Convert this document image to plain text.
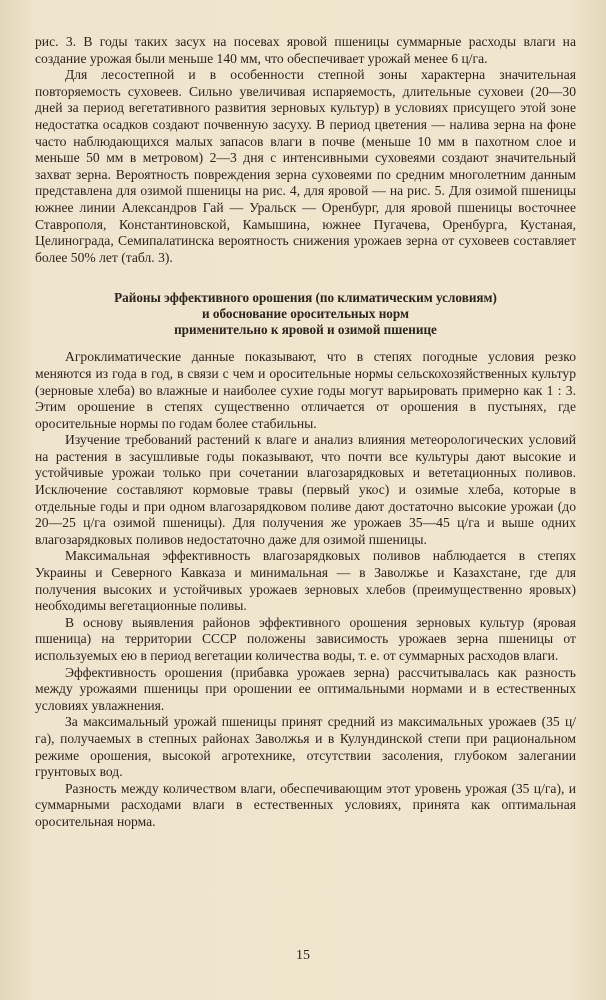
рис. 3. В годы таких засух на посевах яровой пшеницы суммарные расходы влаги на создание урожая были меньше 140 мм, что обеспечивает урожай менее 6 ц/га.

Для лесостепной и в особенности степной зоны характерна значительная повторяемость суховеев. Сильно увеличивая испаряемость, длительные суховеи (20—30 дней за период вегетативного развития зерновых культур) в условиях присущего этой зоне недостатка осадков создают почвенную засуху. В период цветения — налива зерна на фоне часто наблюдающихся малых запасов влаги в почве (меньше 10 мм в пахотном слое и меньше 50 мм в метровом) 2—3 дня с интенсивными суховеями создают значительный захват зерна. Вероятность повреждения зерна суховеями по средним многолетним данным представлена для озимой пшеницы на рис. 4, для яровой — на рис. 5. Для озимой пшеницы южнее линии Александров Гай — Уральск — Оренбург, для яровой пшеницы восточнее Ставрополя, Константиновской, Камышина, южнее Пугачева, Оренбурга, Кустаная, Целинограда, Семипалатинска вероятность снижения урожаев зерна от суховеев составляет более 50% лет (табл. 3).

Районы эффективного орошения (по климатическим условиям)
и обоснование оросительных норм
применительно к яровой и озимой пшенице

Агроклиматические данные показывают, что в степях погодные условия резко меняются из года в год, в связи с чем и оросительные нормы сельскохозяйственных культур (зерновые хлеба) во влажные и наиболее сухие годы могут варьировать примерно как 1 : 3. Этим орошение в степях существенно отличается от орошения в пустынях, где оросительные нормы по годам более стабильны.

Изучение требований растений к влаге и анализ влияния метеорологических условий на растения в засушливые годы показывают, что почти все культуры дают высокие и устойчивые урожаи только при сочетании влагозарядковых и вететационных поливов. Исключение составляют кормовые травы (первый укос) и озимые хлеба, которые в отдельные годы и при одном влагозарядковом поливе дают достаточно высокие урожаи (до 20—25 ц/га озимой пшеницы). Для получения же урожаев 35—45 ц/га и выше одних влагозарядковых поливов недостаточно даже для озимой пшеницы.

Максимальная эффективность влагозарядковых поливов наблюдается в степях Украины и Северного Кавказа и минимальная — в Заволжье и Казахстане, где для получения высоких и устойчивых урожаев зерновых хлебов (преимущественно яровых) необходимы вегетационные поливы.

В основу выявления районов эффективного орошения зерновых культур (яровая пшеница) на территории СССР положены зависимость урожаев зерна пшеницы от используемых ею в период вегетации количества воды, т. е. от суммарных расходов влаги.

Эффективность орошения (прибавка урожаев зерна) рассчитывалась как разность между урожаями пшеницы при орошении ее оптимальными нормами и в естественных условиях увлажнения.

За максимальный урожай пшеницы принят средний из максимальных урожаев (35 ц/га), получаемых в степных районах Заволжья и в Кулундинской степи при рациональном режиме орошения, высокой агротехнике, отсутствии засоления, глубоком залегании грунтовых вод.

Разность между количеством влаги, обеспечивающим этот уровень урожая (35 ц/га), и суммарными расходами влаги в естественных условиях, принята как оптимальная оросительная норма.

15
